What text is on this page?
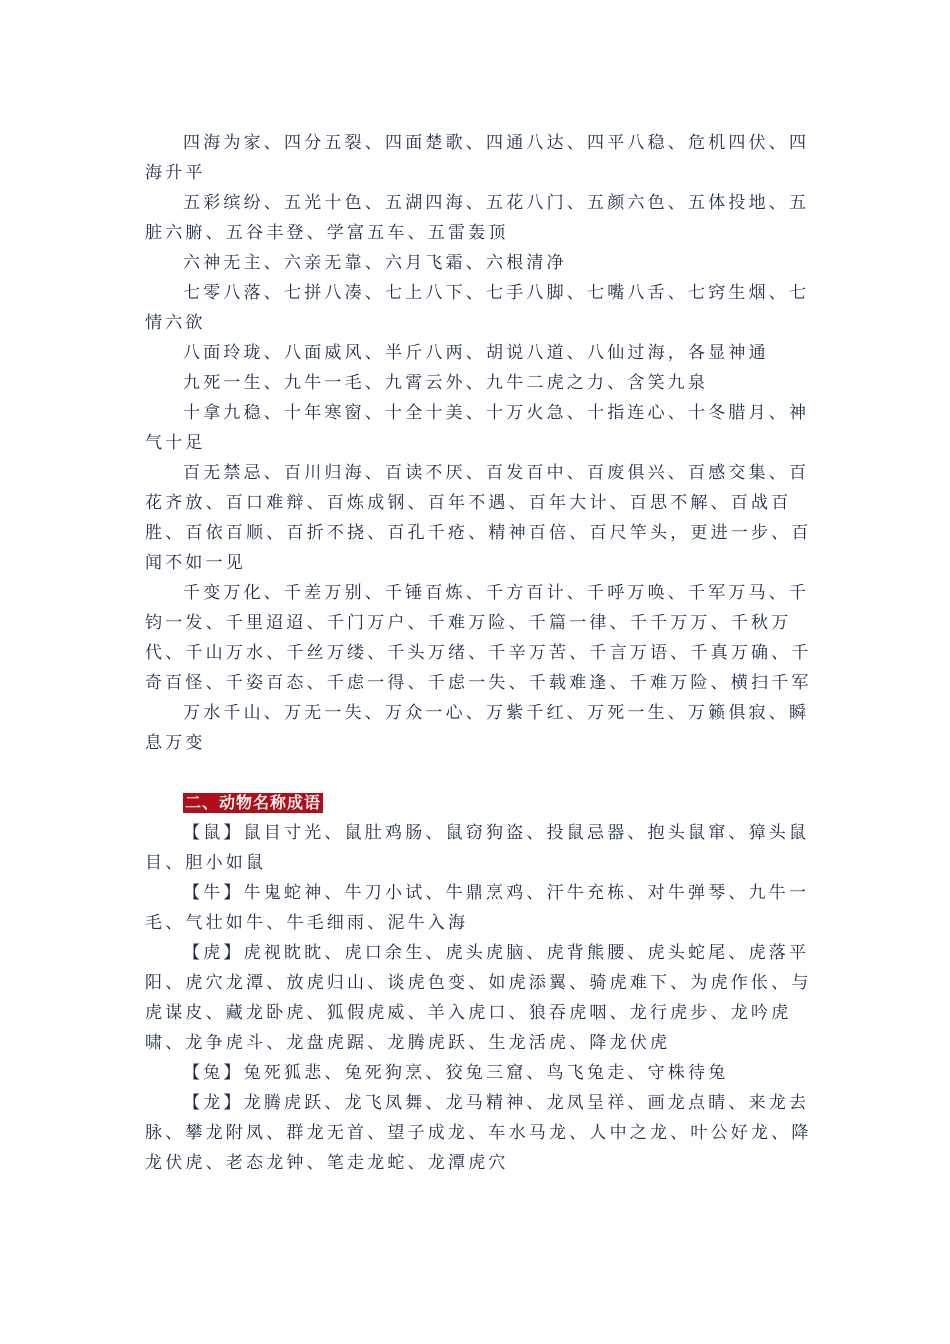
四海为家、四分五裂、四面楚歌、四通八达、四平八稳、危机四伏、四海升平

五彩缤纷、五光十色、五湖四海、五花八门、五颜六色、五体投地、五脏六腑、五谷丰登、学富五车、五雷轰顶

六神无主、六亲无靠、六月飞霜、六根清净

七零八落、七拼八凑、七上八下、七手八脚、七嘴八舌、七窍生烟、七情六欲

八面玲珑、八面威风、半斤八两、胡说八道、八仙过海，各显神通

九死一生、九牛一毛、九霄云外、九牛二虎之力、含笑九泉

十拿九稳、十年寒窗、十全十美、十万火急、十指连心、十冬腊月、神气十足

百无禁忌、百川归海、百读不厌、百发百中、百废俱兴、百感交集、百花齐放、百口难辩、百炼成钢、百年不遇、百年大计、百思不解、百战百胜、百依百顺、百折不挠、百孔千疮、精神百倍、百尺竿头，更进一步、百闻不如一见

千变万化、千差万别、千锤百炼、千方百计、千呼万唤、千军万马、千钧一发、千里迢迢、千门万户、千难万险、千篇一律、千千万万、千秋万代、千山万水、千丝万缕、千头万绪、千辛万苦、千言万语、千真万确、千奇百怪、千姿百态、千虑一得、千虑一失、千载难逢、千难万险、横扫千军

万水千山、万无一失、万众一心、万紫千红、万死一生、万籁俱寂、瞬息万变

二、动物名称成语

【鼠】鼠目寸光、鼠肚鸡肠、鼠窃狗盗、投鼠忌器、抱头鼠窜、獐头鼠目、胆小如鼠

【牛】牛鬼蛇神、牛刀小试、牛鼎烹鸡、汗牛充栋、对牛弹琴、九牛一毛、气壮如牛、牛毛细雨、泥牛入海

【虎】虎视眈眈、虎口余生、虎头虎脑、虎背熊腰、虎头蛇尾、虎落平阳、虎穴龙潭、放虎归山、谈虎色变、如虎添翼、骑虎难下、为虎作伥、与虎谋皮、藏龙卧虎、狐假虎威、羊入虎口、狼吞虎咽、龙行虎步、龙吟虎啸、龙争虎斗、龙盘虎踞、龙腾虎跃、生龙活虎、降龙伏虎

【兔】兔死狐悲、兔死狗烹、狡兔三窟、鸟飞兔走、守株待兔

【龙】龙腾虎跃、龙飞凤舞、龙马精神、龙凤呈祥、画龙点睛、来龙去脉、攀龙附凤、群龙无首、望子成龙、车水马龙、人中之龙、叶公好龙、降龙伏虎、老态龙钟、笔走龙蛇、龙潭虎穴
